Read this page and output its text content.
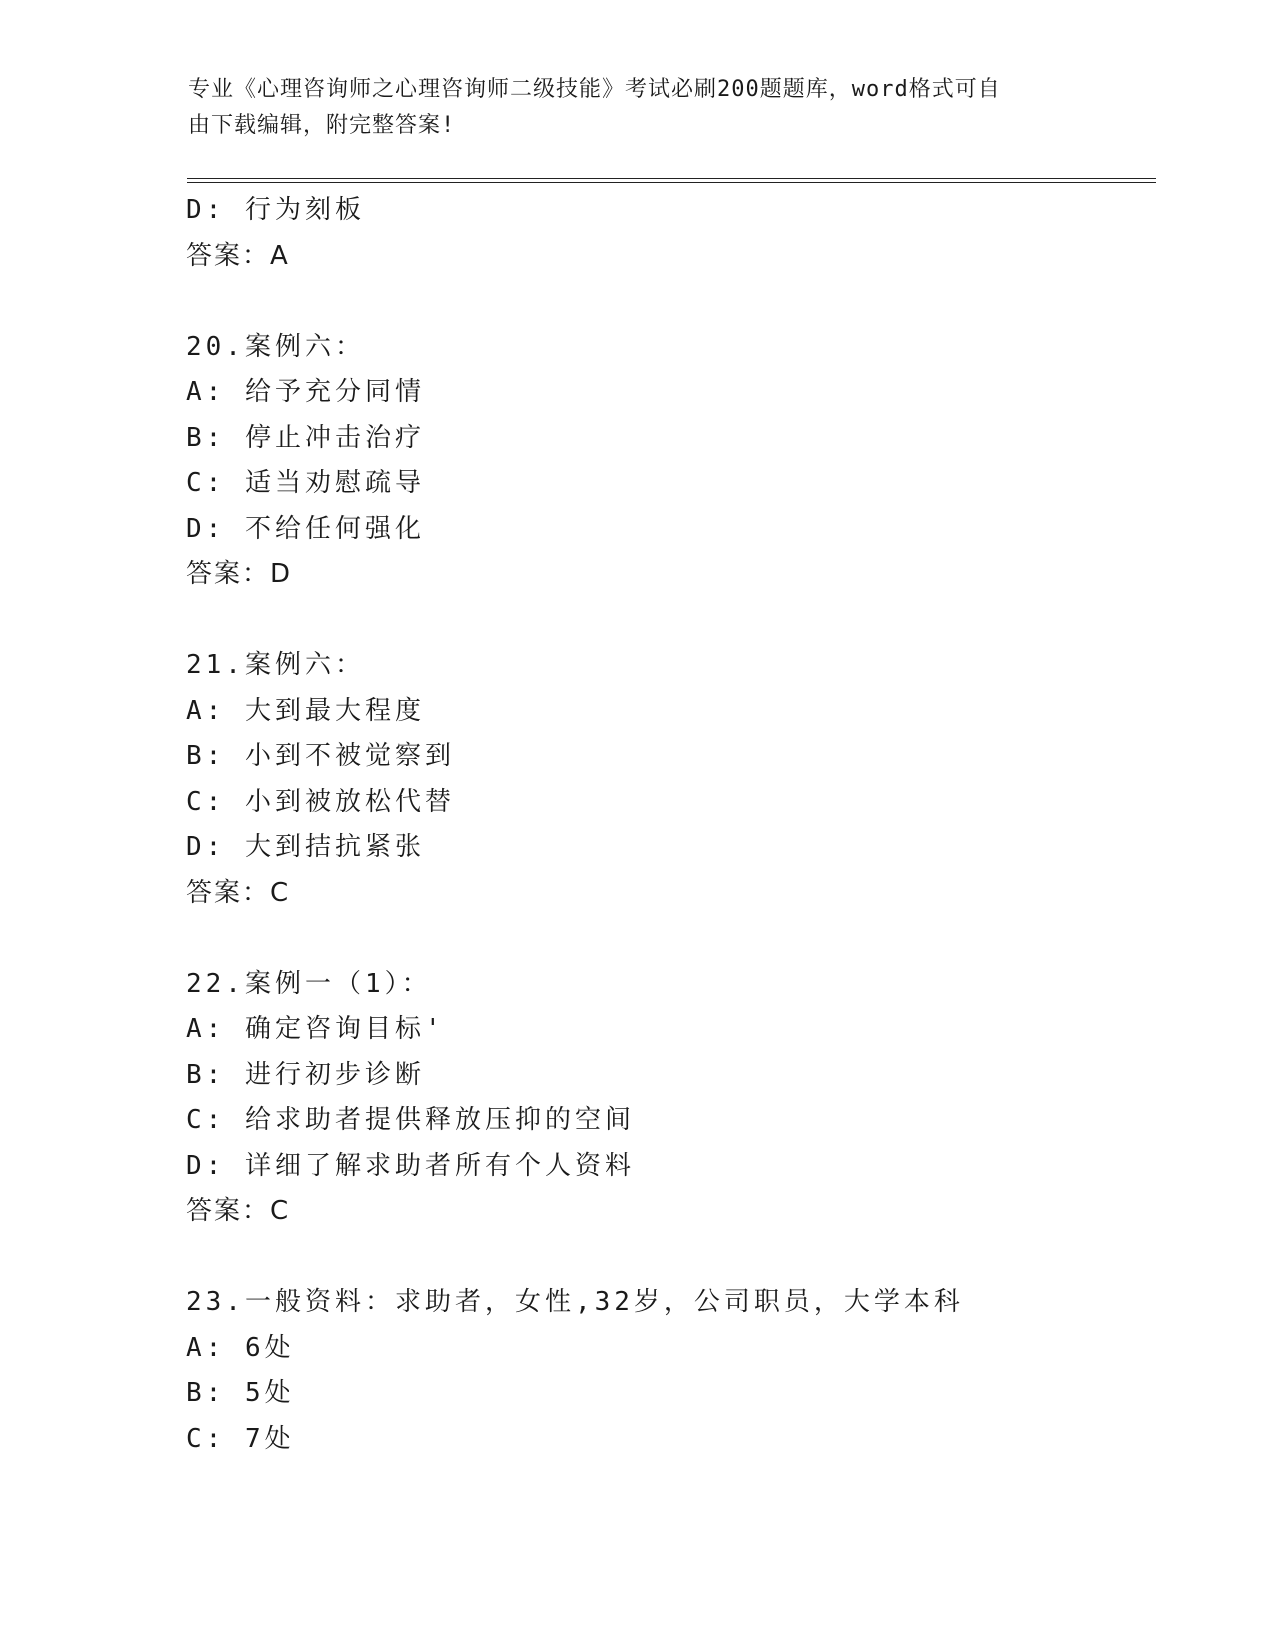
专业《心理咨询师之心理咨询师二级技能》考试必刷200题题库，word格式可自
由下载编辑，附完整答案!
D: 行为刻板
答案：A
20.案例六：
A: 给予充分同情
B: 停止冲击治疗
C: 适当劝慰疏导
D: 不给任何强化
答案：D
21.案例六：
A: 大到最大程度
B: 小到不被觉察到
C: 小到被放松代替
D: 大到拮抗紧张
答案：C
22.案例一（1）：
A: 确定咨询目标'
B: 进行初步诊断
C: 给求助者提供释放压抑的空间
D: 详细了解求助者所有个人资料
答案：C
23.一般资料：求助者，女性,32岁，公司职员，大学本科
A: 6处
B: 5处
C: 7处
